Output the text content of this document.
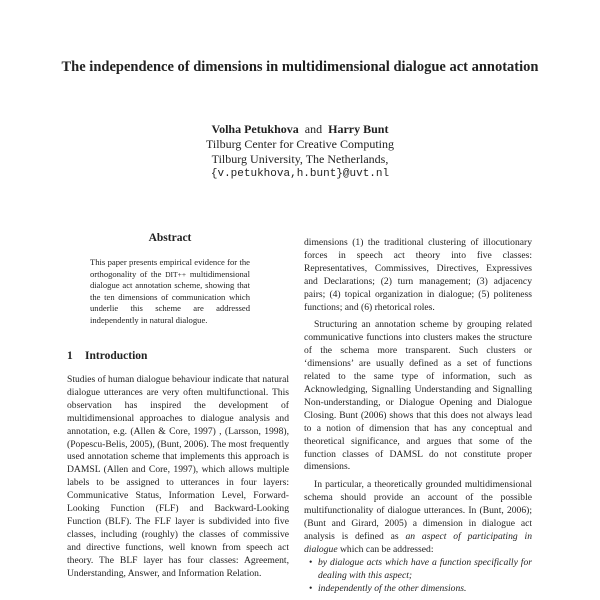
The independence of dimensions in multidimensional dialogue act annotation
Volha Petukhova and Harry Bunt
Tilburg Center for Creative Computing
Tilburg University, The Netherlands,
{v.petukhova,h.bunt}@uvt.nl
Abstract
This paper presents empirical evidence for the orthogonality of the DIT++ multidimensional dialogue act annotation scheme, showing that the ten dimensions of communication which underlie this scheme are addressed independently in natural dialogue.
1 Introduction

Studies of human dialogue behaviour indicate that natural dialogue utterances are very often multifunctional. This observation has inspired the development of multidimensional approaches to dialogue analysis and annotation, e.g. (Allen & Core, 1997) , (Larsson, 1998), (Popescu-Belis, 2005), (Bunt, 2006). The most frequently used annotation scheme that implements this approach is DAMSL (Allen and Core, 1997), which allows multiple labels to be assigned to utterances in four layers: Communicative Status, Information Level, Forward-Looking Function (FLF) and Backward-Looking Function (BLF). The FLF layer is subdivided into five classes, including (roughly) the classes of commissive and directive functions, well known from speech act theory. The BLF layer has four classes: Agreement, Understanding, Answer, and Information Relation.

dimensions (1) the traditional clustering of illocutionary forces in speech act theory into five classes: Representatives, Commissives, Directives, Expressives and Declarations; (2) turn management; (3) adjacency pairs; (4) topical organization in dialogue; (5) politeness functions; and (6) rhetorical roles.

Structuring an annotation scheme by grouping related communicative functions into clusters makes the structure of the schema more transparent. Such clusters or ‘dimensions’ are usually defined as a set of functions related to the same type of information, such as Acknowledging, Signalling Understanding and Signalling Non-understanding, or Dialogue Opening and Dialogue Closing. Bunt (2006) shows that this does not always lead to a notion of dimension that has any conceptual and theoretical significance, and argues that some of the function classes of DAMSL do not constitute proper dimensions.

In particular, a theoretically grounded multidimensional schema should provide an account of the possible multifunctionality of dialogue utterances. In (Bunt, 2006); (Bunt and Girard, 2005) a dimension in dialogue act analysis is defined as an aspect of participating in dialogue which can be addressed:

• by dialogue acts which have a function specifically for dealing with this aspect;
• independently of the other dimensions.
